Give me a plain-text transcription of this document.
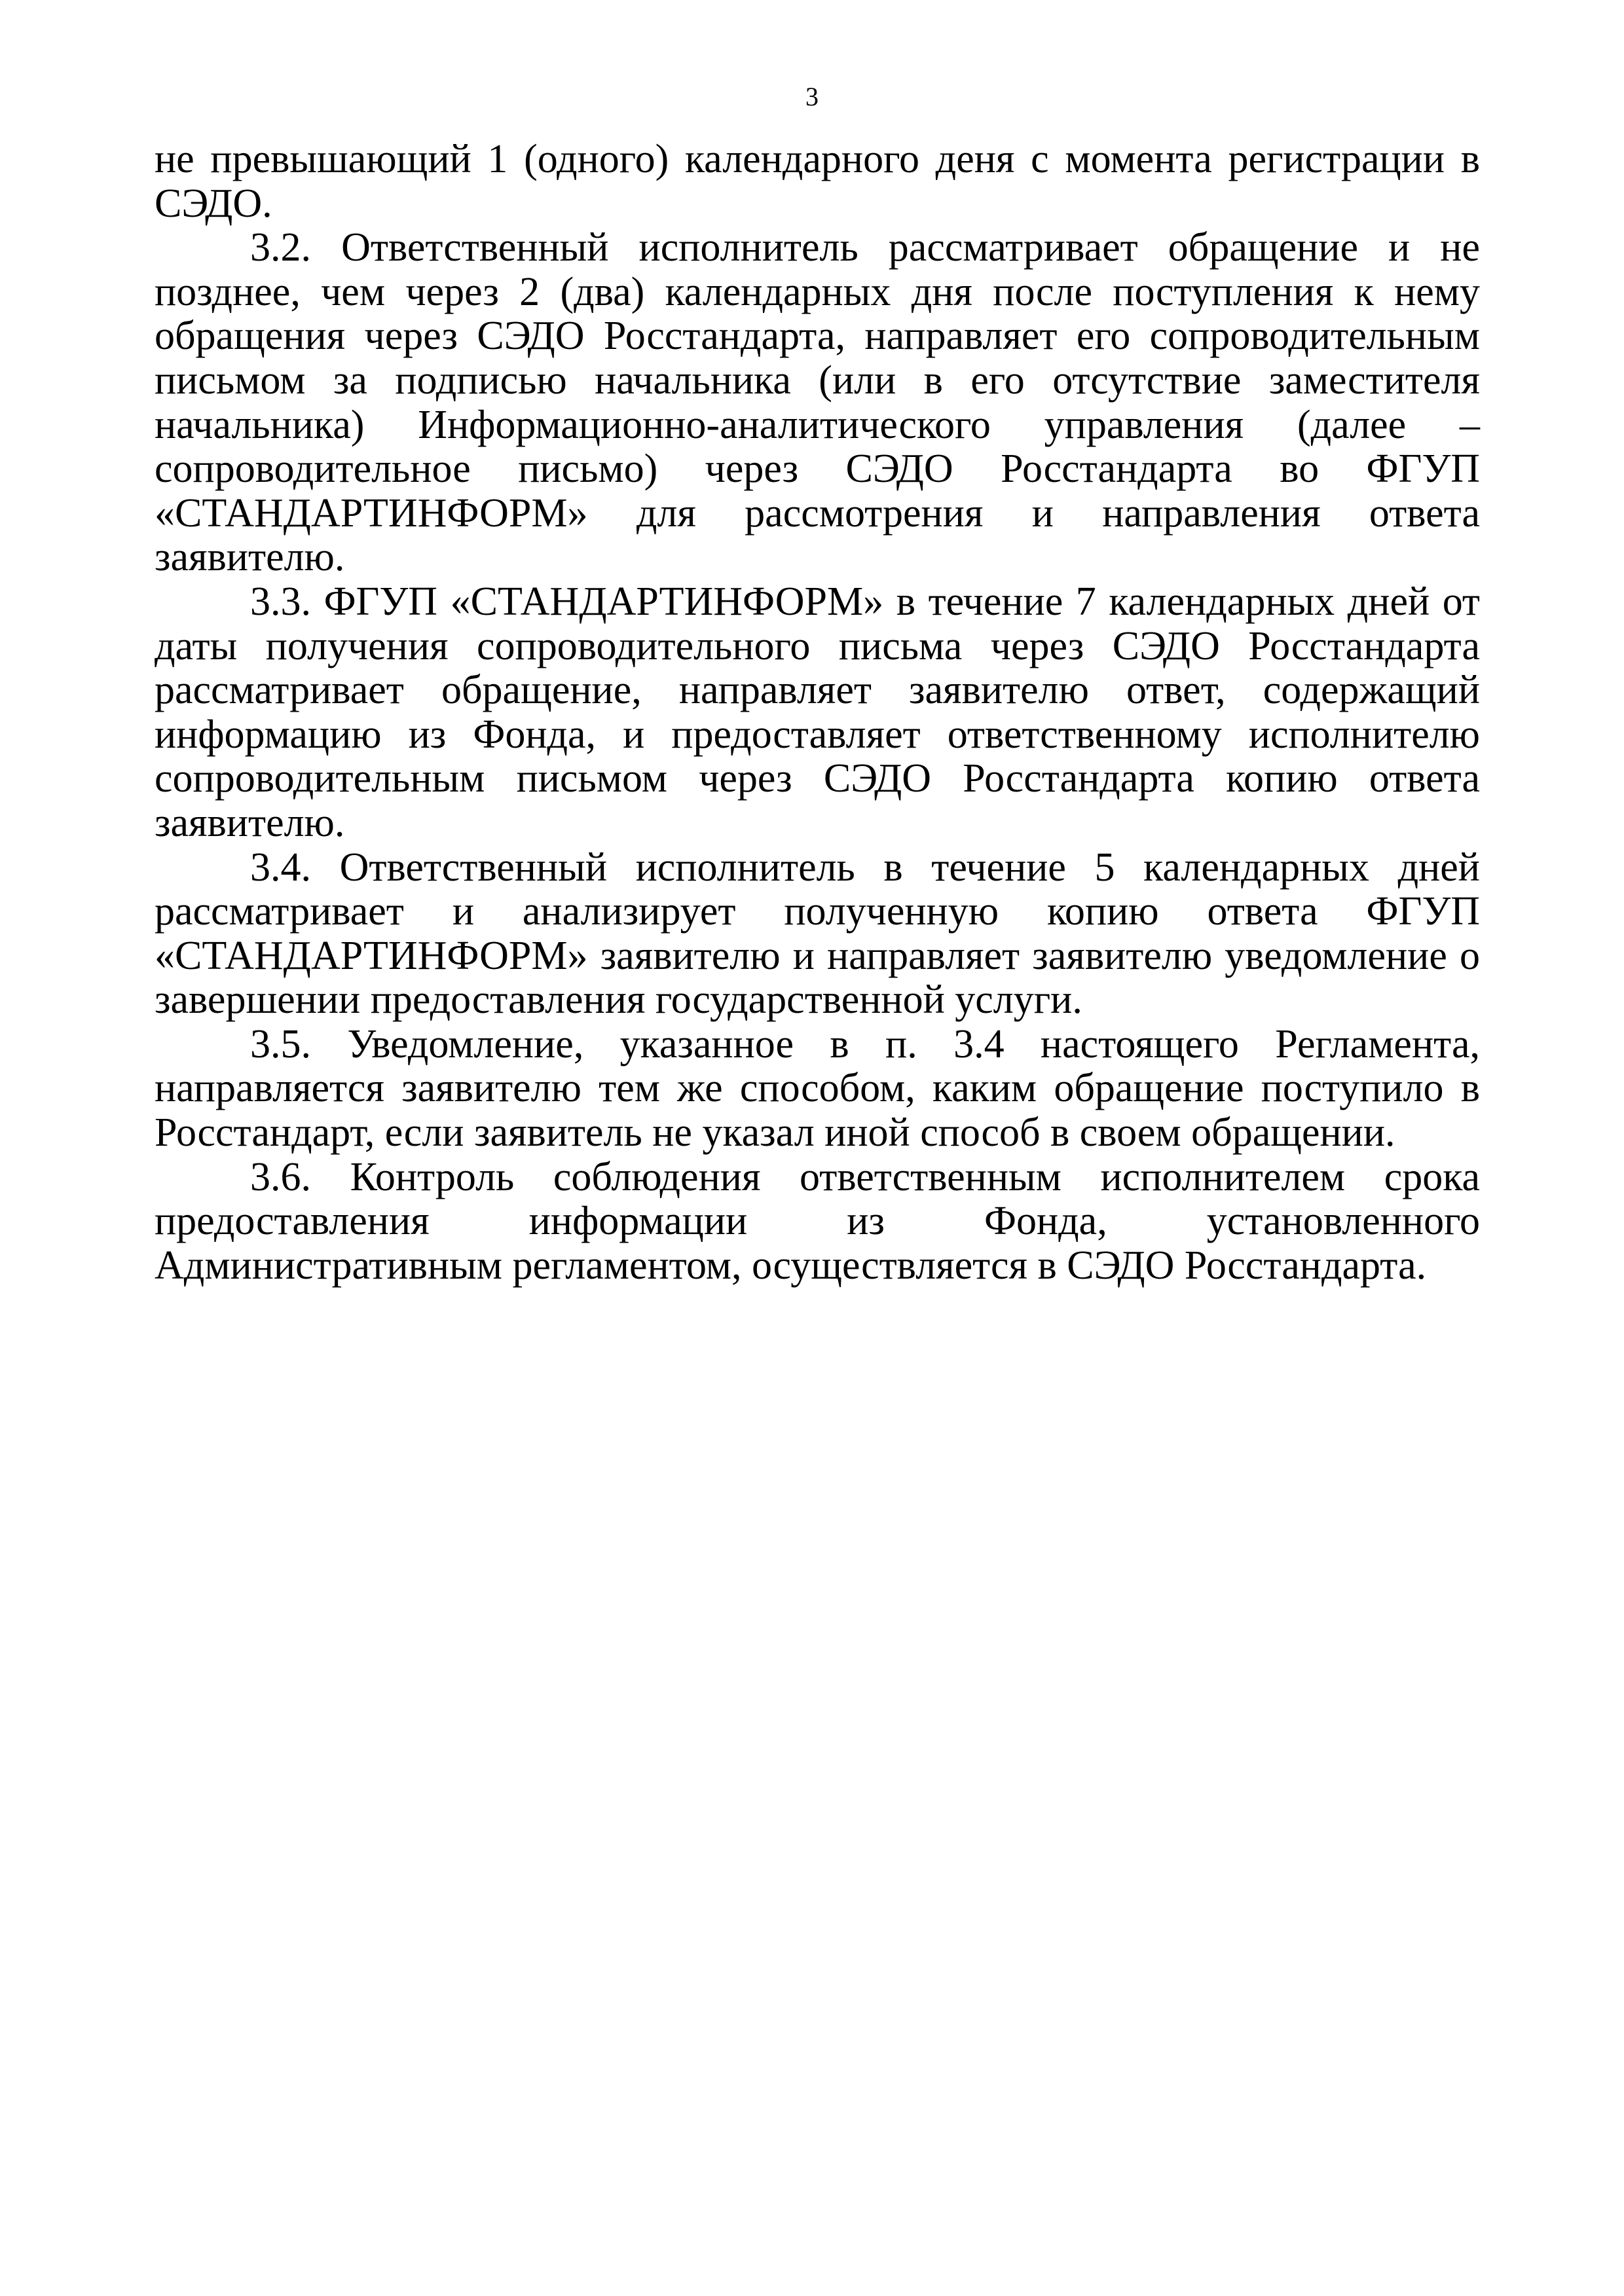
3

не превышающий 1 (одного) календарного деня с момента регистрации в СЭДО.

3.2. Ответственный исполнитель рассматривает обращение и не позднее, чем через 2 (два) календарных дня после поступления к нему обращения через СЭДО Росстандарта, направляет его сопроводительным письмом за подписью начальника (или в его отсутствие заместителя начальника) Информационно-аналитического управления (далее – сопроводительное письмо) через СЭДО Росстандарта во ФГУП «СТАНДАРТИНФОРМ» для рассмотрения и направления ответа заявителю.

3.3. ФГУП «СТАНДАРТИНФОРМ» в течение 7 календарных дней от даты получения сопроводительного письма через СЭДО Росстандарта рассматривает обращение, направляет заявителю ответ, содержащий информацию из Фонда, и предоставляет ответственному исполнителю сопроводительным письмом через СЭДО Росстандарта копию ответа заявителю.

3.4. Ответственный исполнитель в течение 5 календарных дней рассматривает и анализирует полученную копию ответа ФГУП «СТАНДАРТИНФОРМ» заявителю и направляет заявителю уведомление о завершении предоставления государственной услуги.

3.5. Уведомление, указанное в п. 3.4 настоящего Регламента, направляется заявителю тем же способом, каким обращение поступило в Росстандарт, если заявитель не указал иной способ в своем обращении.

3.6. Контроль соблюдения ответственным исполнителем срока предоставления информации из Фонда, установленного Административным регламентом, осуществляется в СЭДО Росстандарта.
